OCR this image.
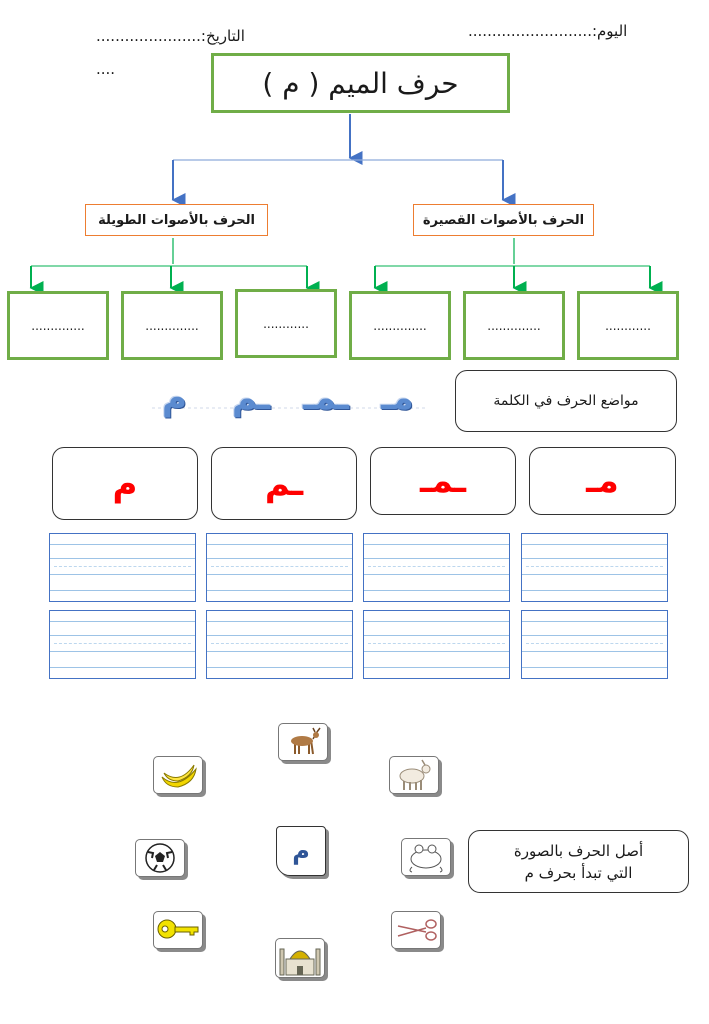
اليوم:..........................
التاريخ:......................
....	حرف الميم ( م )
الحرف بالأصوات الطويلة	الحرف بالأصوات القصيرة
..............	..............	............	..............	..............	............
مـ
ـمـ
ـم
م	مواضع الحرف في الكلمة
م	ـم	ـمـ	مـ
م	أصل الحرف بالصورة
التي تبدأ بحرف م
